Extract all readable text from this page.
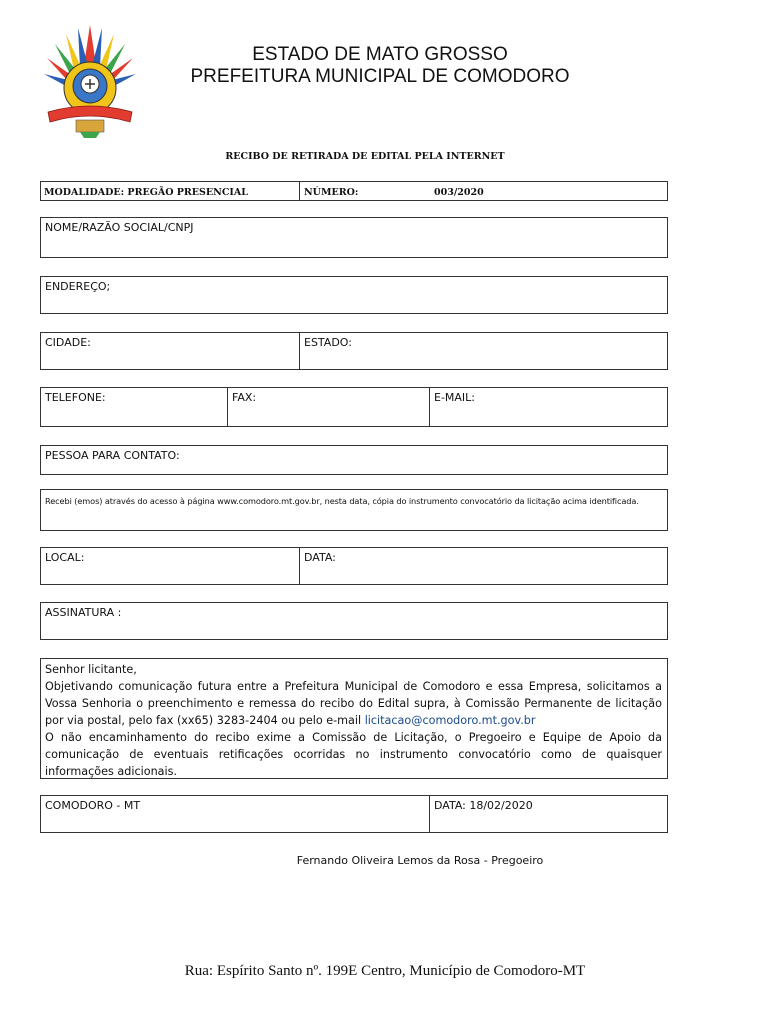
ESTADO DE MATO GROSSO
PREFEITURA MUNICIPAL DE COMODORO
RECIBO DE RETIRADA DE EDITAL PELA INTERNET
MODALIDADE: PREGÃO PRESENCIAL	NÚMERO:	003/2020
NOME/RAZÃO SOCIAL/CNPJ
ENDEREÇO;
CIDADE:	ESTADO:
TELEFONE:	FAX:	E-MAIL:
PESSOA PARA CONTATO:
Recebi (emos) através do acesso à página www.comodoro.mt.gov.br, nesta data, cópia do instrumento convocatório da licitação acima identificada.
LOCAL:	DATA:
ASSINATURA :

Senhor licitante,

Objetivando comunicação futura entre a Prefeitura Municipal de Comodoro e essa Empresa, solicitamos a Vossa Senhoria o preenchimento e remessa do recibo do Edital supra, à Comissão Permanente de licitação por via postal, pelo fax (xx65) 3283-2404 ou pelo e-mail licitacao@comodoro.mt.gov.br

O não encaminhamento do recibo exime a Comissão de Licitação, o Pregoeiro e Equipe de Apoio da comunicação de eventuais retificações ocorridas no instrumento convocatório como de quaisquer informações adicionais.

COMODORO - MT	DATA: 18/02/2020
Fernando Oliveira Lemos da Rosa - Pregoeiro
Rua: Espírito Santo nº. 199E Centro, Município de Comodoro-MT
